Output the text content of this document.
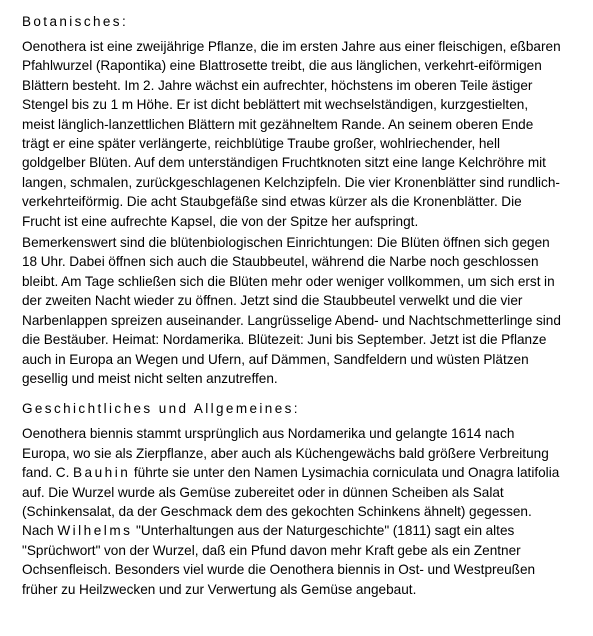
Botanisches:

Oenothera ist eine zweijährige Pflanze, die im ersten Jahre aus einer fleischigen, eßbaren Pfahlwurzel (Rapontika) eine Blattrosette treibt, die aus länglichen, verkehrt-eiförmigen Blättern besteht. Im 2. Jahre wächst ein aufrechter, höchstens im oberen Teile ästiger Stengel bis zu 1 m Höhe. Er ist dicht beblättert mit wechselständigen, kurzgestielten, meist länglich-lanzettlichen Blättern mit gezähneltem Rande. An seinem oberen Ende trägt er eine später verlängerte, reichblütige Traube großer, wohlriechender, hell goldgelber Blüten. Auf dem unterständigen Fruchtknoten sitzt eine lange Kelchröhre mit langen, schmalen, zurückgeschlagenen Kelchzipfeln. Die vier Kronenblätter sind rundlich-verkehrteiförmig. Die acht Staubgefäße sind etwas kürzer als die Kronenblätter. Die Frucht ist eine aufrechte Kapsel, die von der Spitze her aufspringt.

Bemerkenswert sind die blütenbiologischen Einrichtungen: Die Blüten öffnen sich gegen 18 Uhr. Dabei öffnen sich auch die Staubbeutel, während die Narbe noch geschlossen bleibt. Am Tage schließen sich die Blüten mehr oder weniger vollkommen, um sich erst in der zweiten Nacht wieder zu öffnen. Jetzt sind die Staubbeutel verwelkt und die vier Narbenlappen spreizen auseinander. Langrüsselige Abend- und Nachtschmetterlinge sind die Bestäuber. Heimat: Nordamerika. Blütezeit: Juni bis September. Jetzt ist die Pflanze auch in Europa an Wegen und Ufern, auf Dämmen, Sandfeldern und wüsten Plätzen gesellig und meist nicht selten anzutreffen.

Geschichtliches und Allgemeines:

Oenothera biennis stammt ursprünglich aus Nordamerika und gelangte 1614 nach Europa, wo sie als Zierpflanze, aber auch als Küchengewächs bald größere Verbreitung fand. C. Bauhin führte sie unter den Namen Lysimachia corniculata und Onagra latifolia auf. Die Wurzel wurde als Gemüse zubereitet oder in dünnen Scheiben als Salat (Schinkensalat, da der Geschmack dem des gekochten Schinkens ähnelt) gegessen. Nach Wilhelms "Unterhaltungen aus der Naturgeschichte" (1811) sagt ein altes "Sprüchwort" von der Wurzel, daß ein Pfund davon mehr Kraft gebe als ein Zentner Ochsenfleisch. Besonders viel wurde die Oenothera biennis in Ost- und Westpreußen früher zu Heilzwecken und zur Verwertung als Gemüse angebaut.
